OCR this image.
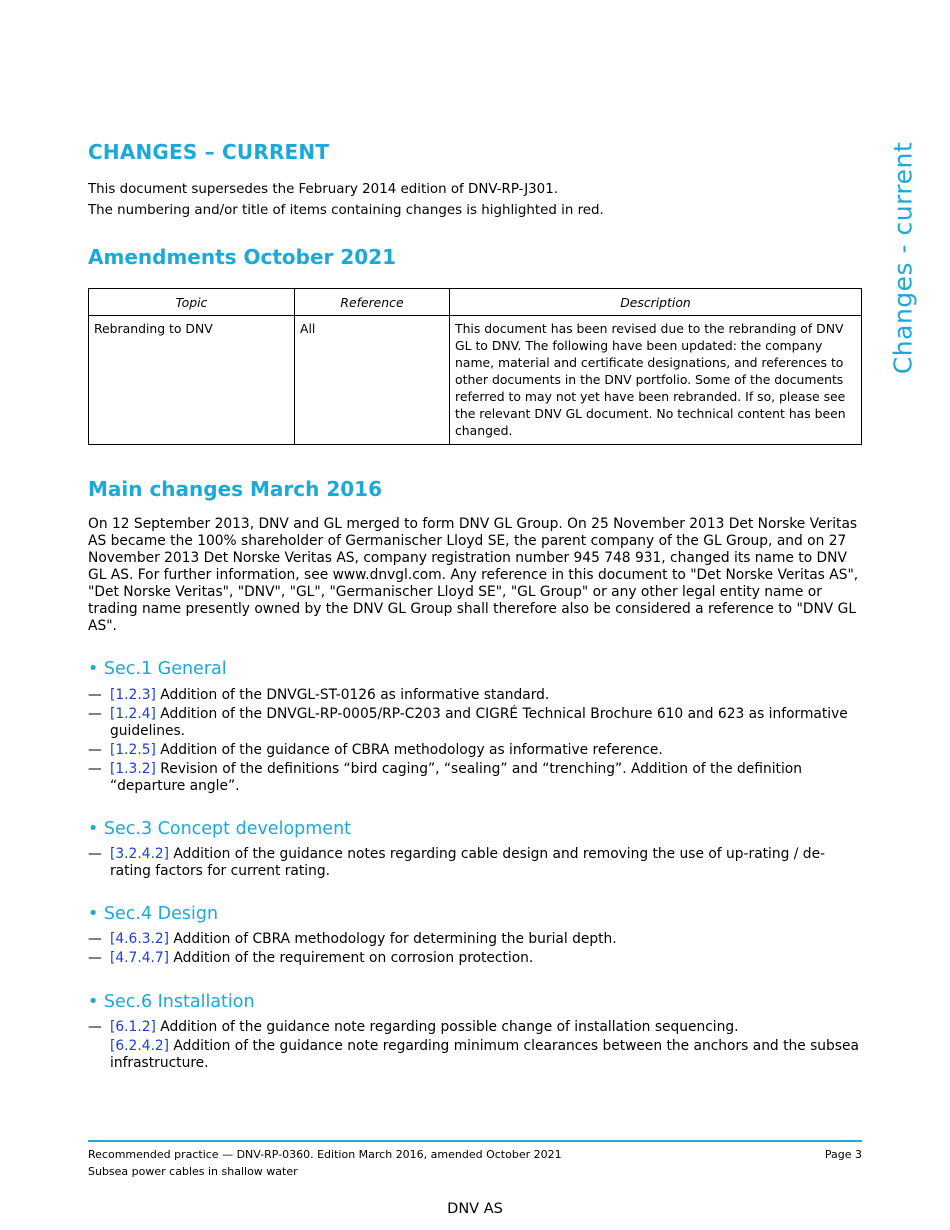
Changes - current
CHANGES – CURRENT

This document supersedes the February 2014 edition of DNV-RP-J301.

The numbering and/or title of items containing changes is highlighted in red.

Amendments October 2021
Topic	Reference	Description
Rebranding to DNV	All	This document has been revised due to the rebranding of DNV GL to DNV. The following have been updated: the company name, material and certificate designations, and references to other documents in the DNV portfolio. Some of the documents referred to may not yet have been rebranded. If so, please see the relevant DNV GL document. No technical content has been changed.
Main changes March 2016

On 12 September 2013, DNV and GL merged to form DNV GL Group. On 25 November 2013 Det Norske Veritas AS became the 100% shareholder of Germanischer Lloyd SE, the parent company of the GL Group, and on 27 November 2013 Det Norske Veritas AS, company registration number 945 748 931, changed its name to DNV GL AS. For further information, see www.dnvgl.com. Any reference in this document to "Det Norske Veritas AS", "Det Norske Veritas", "DNV", "GL", "Germanischer Lloyd SE", "GL Group" or any other legal entity name or trading name presently owned by the DNV GL Group shall therefore also be considered a reference to "DNV GL AS".

• Sec.1 General
— [1.2.3] Addition of the DNVGL-ST-0126 as informative standard.
— [1.2.4] Addition of the DNVGL-RP-0005/RP-C203 and CIGRÉ Technical Brochure 610 and 623 as informative guidelines.
— [1.2.5] Addition of the guidance of CBRA methodology as informative reference.
— [1.3.2] Revision of the definitions “bird caging”, “sealing” and “trenching”. Addition of the definition “departure angle”.
• Sec.3 Concept development
— [3.2.4.2] Addition of the guidance notes regarding cable design and removing the use of up-rating / de-rating factors for current rating.
• Sec.4 Design
— [4.6.3.2] Addition of CBRA methodology for determining the burial depth.
— [4.7.4.7] Addition of the requirement on corrosion protection.
• Sec.6 Installation
— [6.1.2] Addition of the guidance note regarding possible change of installation sequencing.
[6.2.4.2] Addition of the guidance note regarding minimum clearances between the anchors and the subsea infrastructure.
Recommended practice — DNV-RP-0360. Edition March 2016, amended October 2021
Subsea power cables in shallow water
Page 3
DNV AS
